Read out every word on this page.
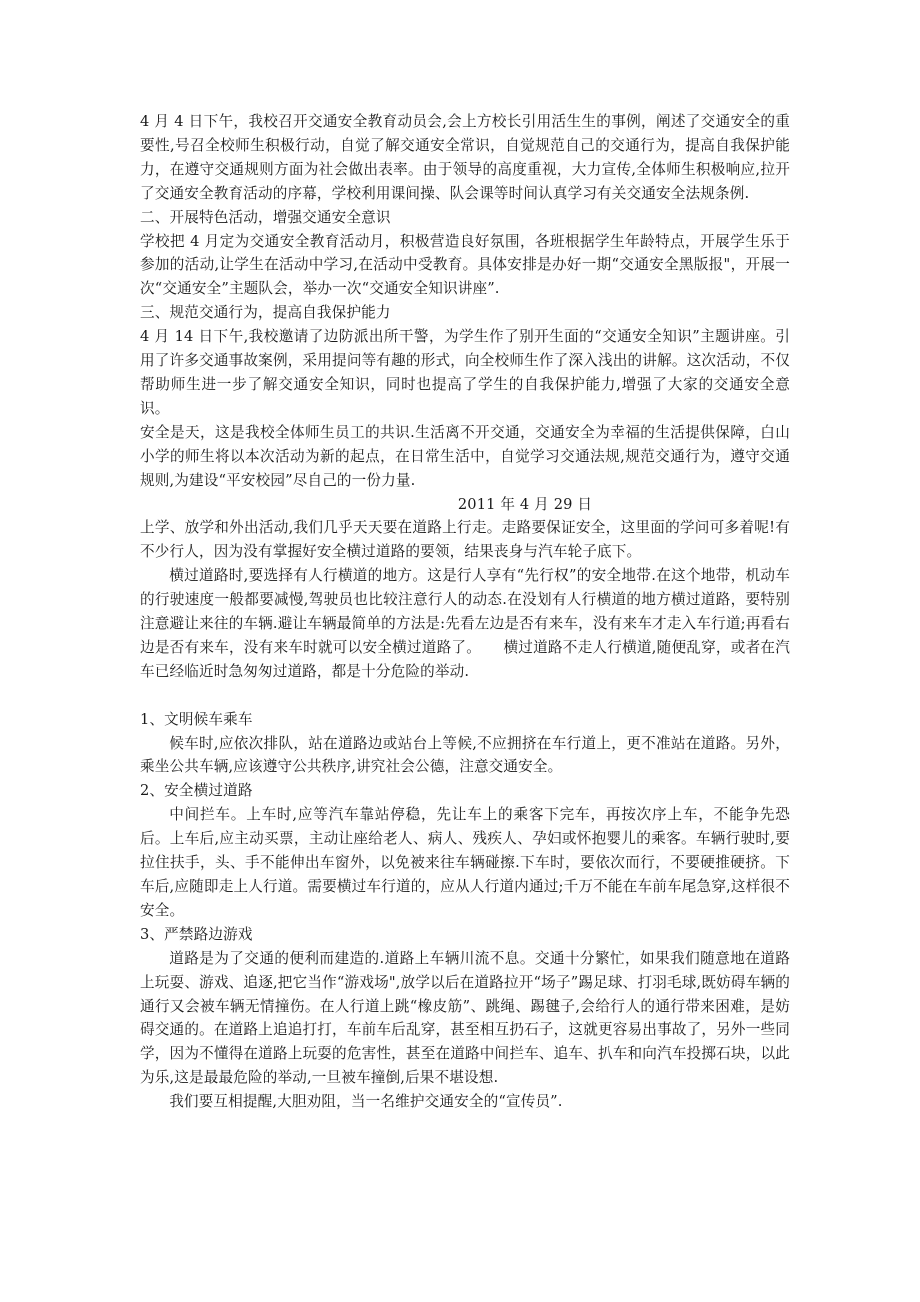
4 月 4 日下午，我校召开交通安全教育动员会,会上方校长引用活生生的事例，阐述了交通安全的重要性,号召全校师生积极行动，自觉了解交通安全常识，自觉规范自己的交通行为，提高自我保护能力，在遵守交通规则方面为社会做出表率。由于领导的高度重视，大力宣传,全体师生积极响应,拉开了交通安全教育活动的序幕，学校利用课间操、队会课等时间认真学习有关交通安全法规条例.

二、开展特色活动，增强交通安全意识

学校把 4 月定为交通安全教育活动月，积极营造良好氛围，各班根据学生年龄特点，开展学生乐于参加的活动,让学生在活动中学习,在活动中受教育。具体安排是办好一期“交通安全黑版报"，开展一次“交通安全”主题队会，举办一次“交通安全知识讲座”.

三、规范交通行为，提高自我保护能力

4 月 14 日下午,我校邀请了边防派出所干警，为学生作了别开生面的“交通安全知识”主题讲座。引用了许多交通事故案例，采用提问等有趣的形式，向全校师生作了深入浅出的讲解。这次活动，不仅帮助师生进一步了解交通安全知识，同时也提高了学生的自我保护能力,增强了大家的交通安全意识。

安全是天，这是我校全体师生员工的共识.生活离不开交通，交通安全为幸福的生活提供保障，白山小学的师生将以本次活动为新的起点，在日常生活中，自觉学习交通法规,规范交通行为，遵守交通规则,为建设“平安校园”尽自己的一份力量.

2011 年 4 月 29 日

上学、放学和外出活动,我们几乎天天要在道路上行走。走路要保证安全，这里面的学问可多着呢!有不少行人，因为没有掌握好安全横过道路的要领，结果丧身与汽车轮子底下。

横过道路时,要选择有人行横道的地方。这是行人享有“先行权”的安全地带.在这个地带，机动车的行驶速度一般都要减慢,驾驶员也比较注意行人的动态.在没划有人行横道的地方横过道路，要特别注意避让来往的车辆.避让车辆最简单的方法是:先看左边是否有来车，没有来车才走入车行道;再看右边是否有来车，没有来车时就可以安全横过道路了。　　横过道路不走人行横道,随便乱穿，或者在汽车已经临近时急匆匆过道路，都是十分危险的举动.

1、文明候车乘车

候车时,应依次排队，站在道路边或站台上等候,不应拥挤在车行道上，更不准站在道路。另外，乘坐公共车辆,应该遵守公共秩序,讲究社会公德，注意交通安全。

2、安全横过道路

中间拦车。上车时,应等汽车靠站停稳，先让车上的乘客下完车，再按次序上车，不能争先恐后。上车后,应主动买票，主动让座给老人、病人、残疾人、孕妇或怀抱婴儿的乘客。车辆行驶时,要拉住扶手，头、手不能伸出车窗外，以免被来往车辆碰擦.下车时，要依次而行，不要硬推硬挤。下车后,应随即走上人行道。需要横过车行道的，应从人行道内通过;千万不能在车前车尾急穿,这样很不安全。

3、严禁路边游戏

道路是为了交通的便利而建造的.道路上车辆川流不息。交通十分繁忙，如果我们随意地在道路上玩耍、游戏、追逐,把它当作“游戏场",放学以后在道路拉开“场子”踢足球、打羽毛球,既妨碍车辆的通行又会被车辆无情撞伤。在人行道上跳“橡皮筋”、跳绳、踢毽子,会给行人的通行带来困难，是妨碍交通的。在道路上追追打打，车前车后乱穿，甚至相互扔石子，这就更容易出事故了，另外一些同学，因为不懂得在道路上玩耍的危害性，甚至在道路中间拦车、追车、扒车和向汽车投掷石块，以此为乐,这是最最危险的举动,一旦被车撞倒,后果不堪设想.

我们要互相提醒,大胆劝阻，当一名维护交通安全的“宣传员”.
